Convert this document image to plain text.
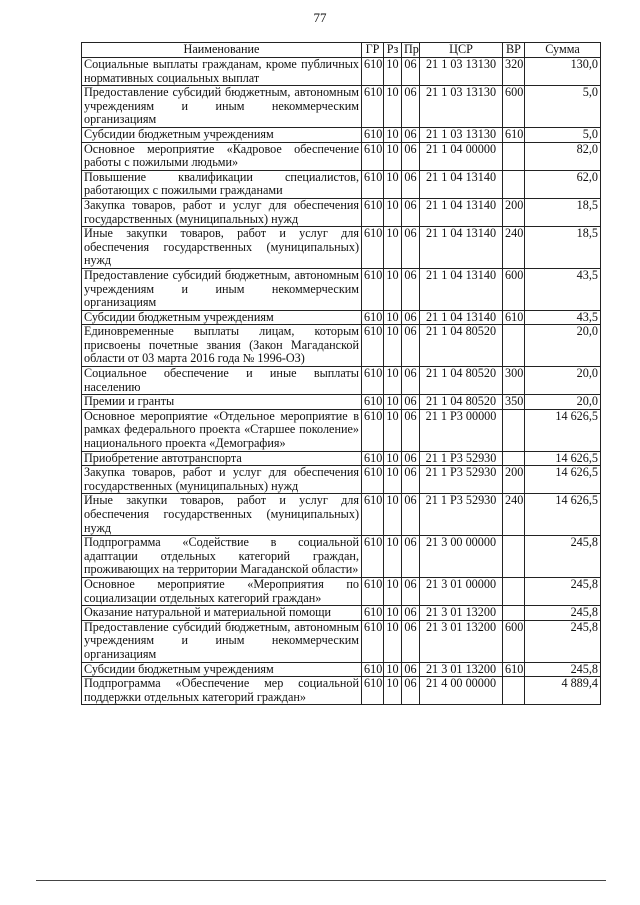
77
Наименование	ГР	Рз	Пр	ЦСР	ВР	Сумма
Социальные выплаты гражданам, кроме публичных нормативных социальных выплат	610	10	06	21 1 03 13130	320	130,0
Предоставление субсидий бюджетным, автономным учреждениям и иным некоммерческим организациям	610	10	06	21 1 03 13130	600	5,0
Субсидии бюджетным учреждениям	610	10	06	21 1 03 13130	610	5,0
Основное мероприятие «Кадровое обеспечение работы с пожилыми людьми»	610	10	06	21 1 04 00000		82,0
Повышение квалификации специалистов, работающих с пожилыми гражданами	610	10	06	21 1 04 13140		62,0
Закупка товаров, работ и услуг для обеспечения государственных (муниципальных) нужд	610	10	06	21 1 04 13140	200	18,5
Иные закупки товаров, работ и услуг для обеспечения государственных (муниципальных) нужд	610	10	06	21 1 04 13140	240	18,5
Предоставление субсидий бюджетным, автономным учреждениям и иным некоммерческим организациям	610	10	06	21 1 04 13140	600	43,5
Субсидии бюджетным учреждениям	610	10	06	21 1 04 13140	610	43,5
Единовременные выплаты лицам, которым присвоены почетные звания (Закон Магаданской области от 03 марта 2016 года № 1996-ОЗ)	610	10	06	21 1 04 80520		20,0
Социальное обеспечение и иные выплаты населению	610	10	06	21 1 04 80520	300	20,0
Премии и гранты	610	10	06	21 1 04 80520	350	20,0
Основное мероприятие «Отдельное мероприятие в рамках федерального проекта «Старшее поколение» национального проекта «Демография»	610	10	06	21 1 P3 00000		14 626,5
Приобретение автотранспорта	610	10	06	21 1 P3 52930		14 626,5
Закупка товаров, работ и услуг для обеспечения государственных (муниципальных) нужд	610	10	06	21 1 P3 52930	200	14 626,5
Иные закупки товаров, работ и услуг для обеспечения государственных (муниципальных) нужд	610	10	06	21 1 P3 52930	240	14 626,5
Подпрограмма «Содействие в социальной адаптации отдельных категорий граждан, проживающих на территории Магаданской области»	610	10	06	21 3 00 00000		245,8
Основное мероприятие «Мероприятия по социализации отдельных категорий граждан»	610	10	06	21 3 01 00000		245,8
Оказание натуральной и материальной помощи	610	10	06	21 3 01 13200		245,8
Предоставление субсидий бюджетным, автономным учреждениям и иным некоммерческим организациям	610	10	06	21 3 01 13200	600	245,8
Субсидии бюджетным учреждениям	610	10	06	21 3 01 13200	610	245,8
Подпрограмма «Обеспечение мер социальной поддержки отдельных категорий граждан»	610	10	06	21 4 00 00000		4 889,4
